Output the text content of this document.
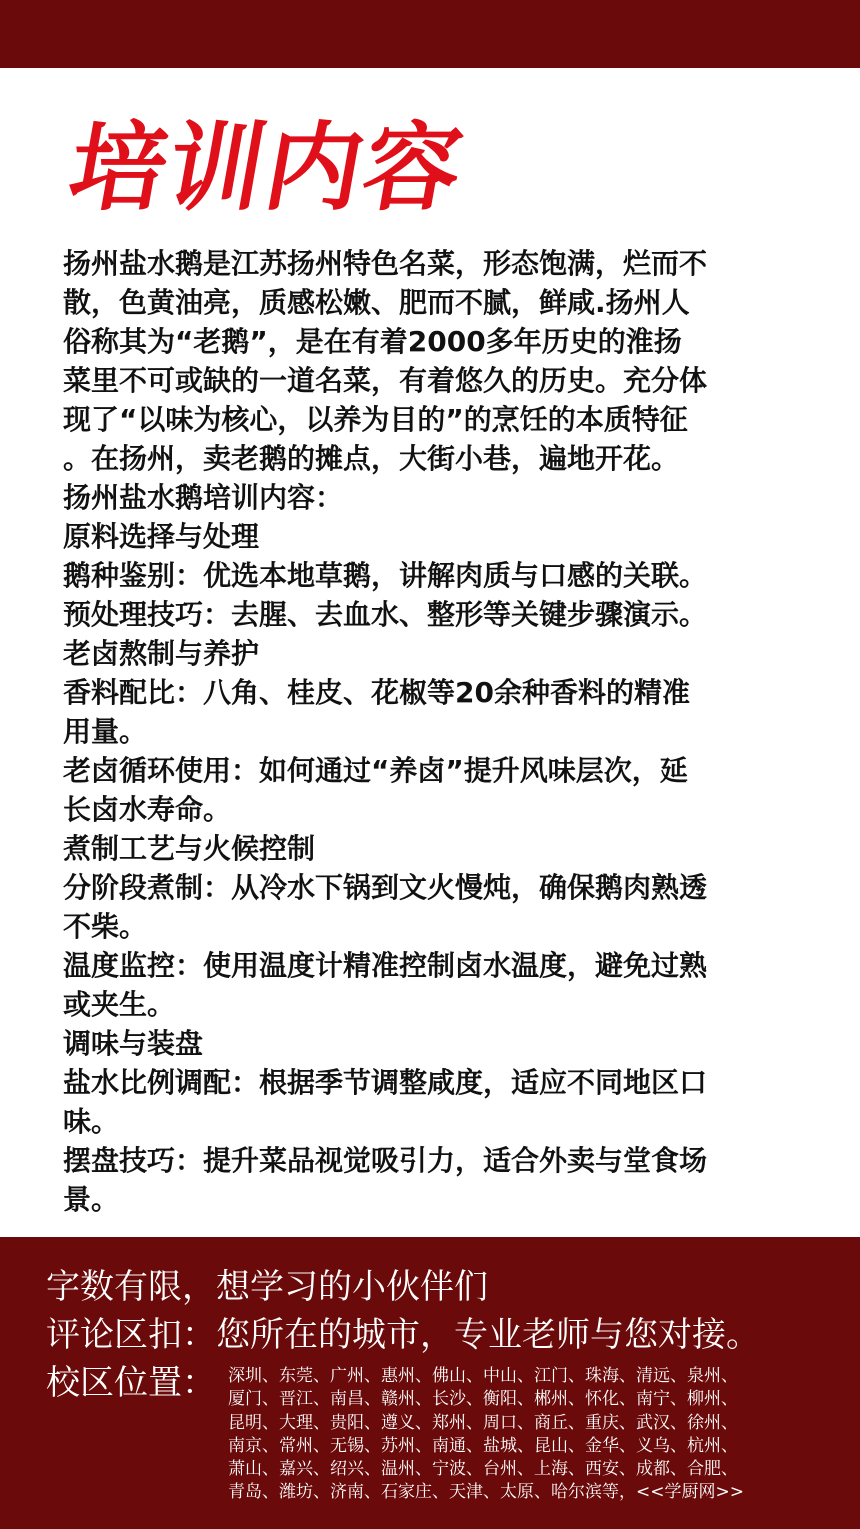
培训内容
扬州盐水鹅是江苏扬州特色名菜，形态饱满，烂而不
散，色黄油亮，质感松嫩、肥而不腻，鲜咸.扬州人
俗称其为“老鹅”，是在有着2000多年历史的淮扬
菜里不可或缺的一道名菜，有着悠久的历史。充分体
现了“以味为核心，以养为目的”的烹饪的本质特征
。在扬州，卖老鹅的摊点，大街小巷，遍地开花。
扬州盐水鹅培训内容：
原料选择与处理
鹅种鉴别：优选本地草鹅，讲解肉质与口感的关联。
预处理技巧：去腥、去血水、整形等关键步骤演示。
老卤熬制与养护
香料配比：八角、桂皮、花椒等20余种香料的精准
用量。
老卤循环使用：如何通过“养卤”提升风味层次，延
长卤水寿命。
煮制工艺与火候控制
分阶段煮制：从冷水下锅到文火慢炖，确保鹅肉熟透
不柴。
温度监控：使用温度计精准控制卤水温度，避免过熟
或夹生。
调味与装盘
盐水比例调配：根据季节调整咸度，适应不同地区口
味。
摆盘技巧：提升菜品视觉吸引力，适合外卖与堂食场
景。
字数有限，想学习的小伙伴们
评论区扣：您所在的城市，专业老师与您对接。
校区位置： 深圳、东莞、广州、惠州、佛山、中山、江门、珠海、清远、泉州、
厦门、晋江、南昌、赣州、长沙、衡阳、郴州、怀化、南宁、柳州、
昆明、大理、贵阳、遵义、郑州、周口、商丘、重庆、武汉、徐州、
南京、常州、无锡、苏州、南通、盐城、昆山、金华、义乌、杭州、
萧山、嘉兴、绍兴、温州、宁波、台州、上海、西安、成都、合肥、
青岛、潍坊、济南、石家庄、天津、太原、哈尔滨等，<<学厨网>>
